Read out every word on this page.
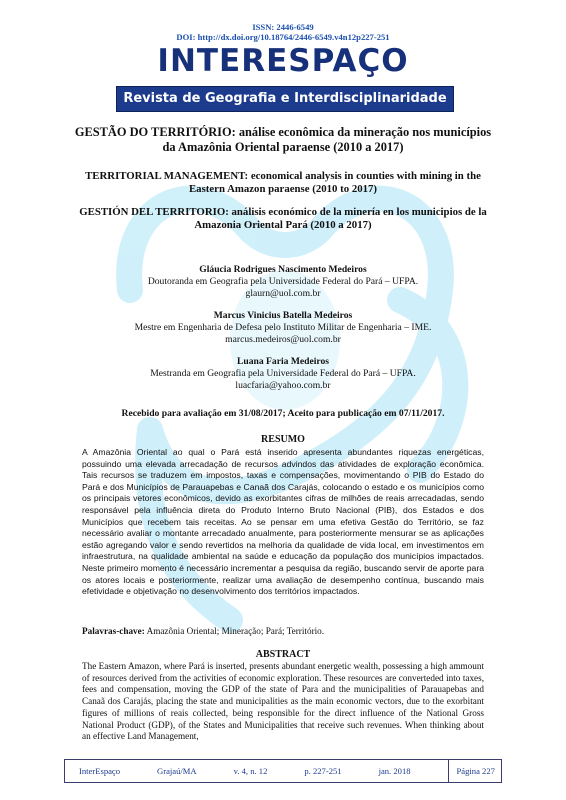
ISSN: 2446-6549
DOI: http://dx.doi.org/10.18764/2446-6549.v4n12p227-251
INTERESPAÇO
Revista de Geografia e Interdisciplinaridade
GESTÃO DO TERRITÓRIO: análise econômica da mineração nos municípios da Amazônia Oriental paraense (2010 a 2017)
TERRITORIAL MANAGEMENT: economical analysis in counties with mining in the Eastern Amazon paraense (2010 to 2017)
GESTIÓN DEL TERRITORIO: análisis económico de la minería en los municipios de la Amazonia Oriental Pará (2010 a 2017)
Gláucia Rodrigues Nascimento Medeiros
Doutoranda em Geografia pela Universidade Federal do Pará – UFPA.
glaurn@uol.com.br
Marcus Vinicius Batella Medeiros
Mestre em Engenharia de Defesa pelo Instituto Militar de Engenharia – IME.
marcus.medeiros@uol.com.br
Luana Faria Medeiros
Mestranda em Geografia pela Universidade Federal do Pará – UFPA.
luacfaria@yahoo.com.br
Recebido para avaliação em 31/08/2017; Aceito para publicação em 07/11/2017.
RESUMO
A Amazônia Oriental ao qual o Pará está inserido apresenta abundantes riquezas energéticas, possuindo uma elevada arrecadação de recursos advindos das atividades de exploração econômica. Tais recursos se traduzem em impostos, taxas e compensações, movimentando o PIB do Estado do Pará e dos Municípios de Parauapebas e Canaã dos Carajás, colocando o estado e os municípios como os principais vetores econômicos, devido as exorbitantes cifras de milhões de reais arrecadadas, sendo responsável pela influência direta do Produto Interno Bruto Nacional (PIB), dos Estados e dos Municípios que recebem tais receitas. Ao se pensar em uma efetiva Gestão do Território, se faz necessário avaliar o montante arrecadado anualmente, para posteriormente mensurar se as aplicações estão agregando valor e sendo revertidos na melhoria da qualidade de vida local, em investimentos em infraestrutura, na qualidade ambiental na saúde e educação da população dos municípios impactados. Neste primeiro momento é necessário incrementar a pesquisa da região, buscando servir de aporte para os atores locais e posteriormente, realizar uma avaliação de desempenho contínua, buscando mais efetividade e objetivação no desenvolvimento dos territórios impactados.
Palavras-chave: Amazônia Oriental; Mineração; Pará; Território.
ABSTRACT
The Eastern Amazon, where Pará is inserted, presents abundant energetic wealth, possessing a high ammount of resources derived from the activities of economic exploration. These resources are converteded into taxes, fees and compensation, moving the GDP of the state of Para and the municipalities of Parauapebas and Canaã dos Carajás, placing the state and municipalities as the main economic vectors, due to the exorbitant figures of millions of reais collected, being responsible for the direct influence of the National Gross National Product (GDP), of the States and Municipalities that receive such revenues. When thinking about an effective Land Management,
InterEspaço	Grajaú/MA	v. 4, n. 12	p. 227-251	jan. 2018	Página 227
